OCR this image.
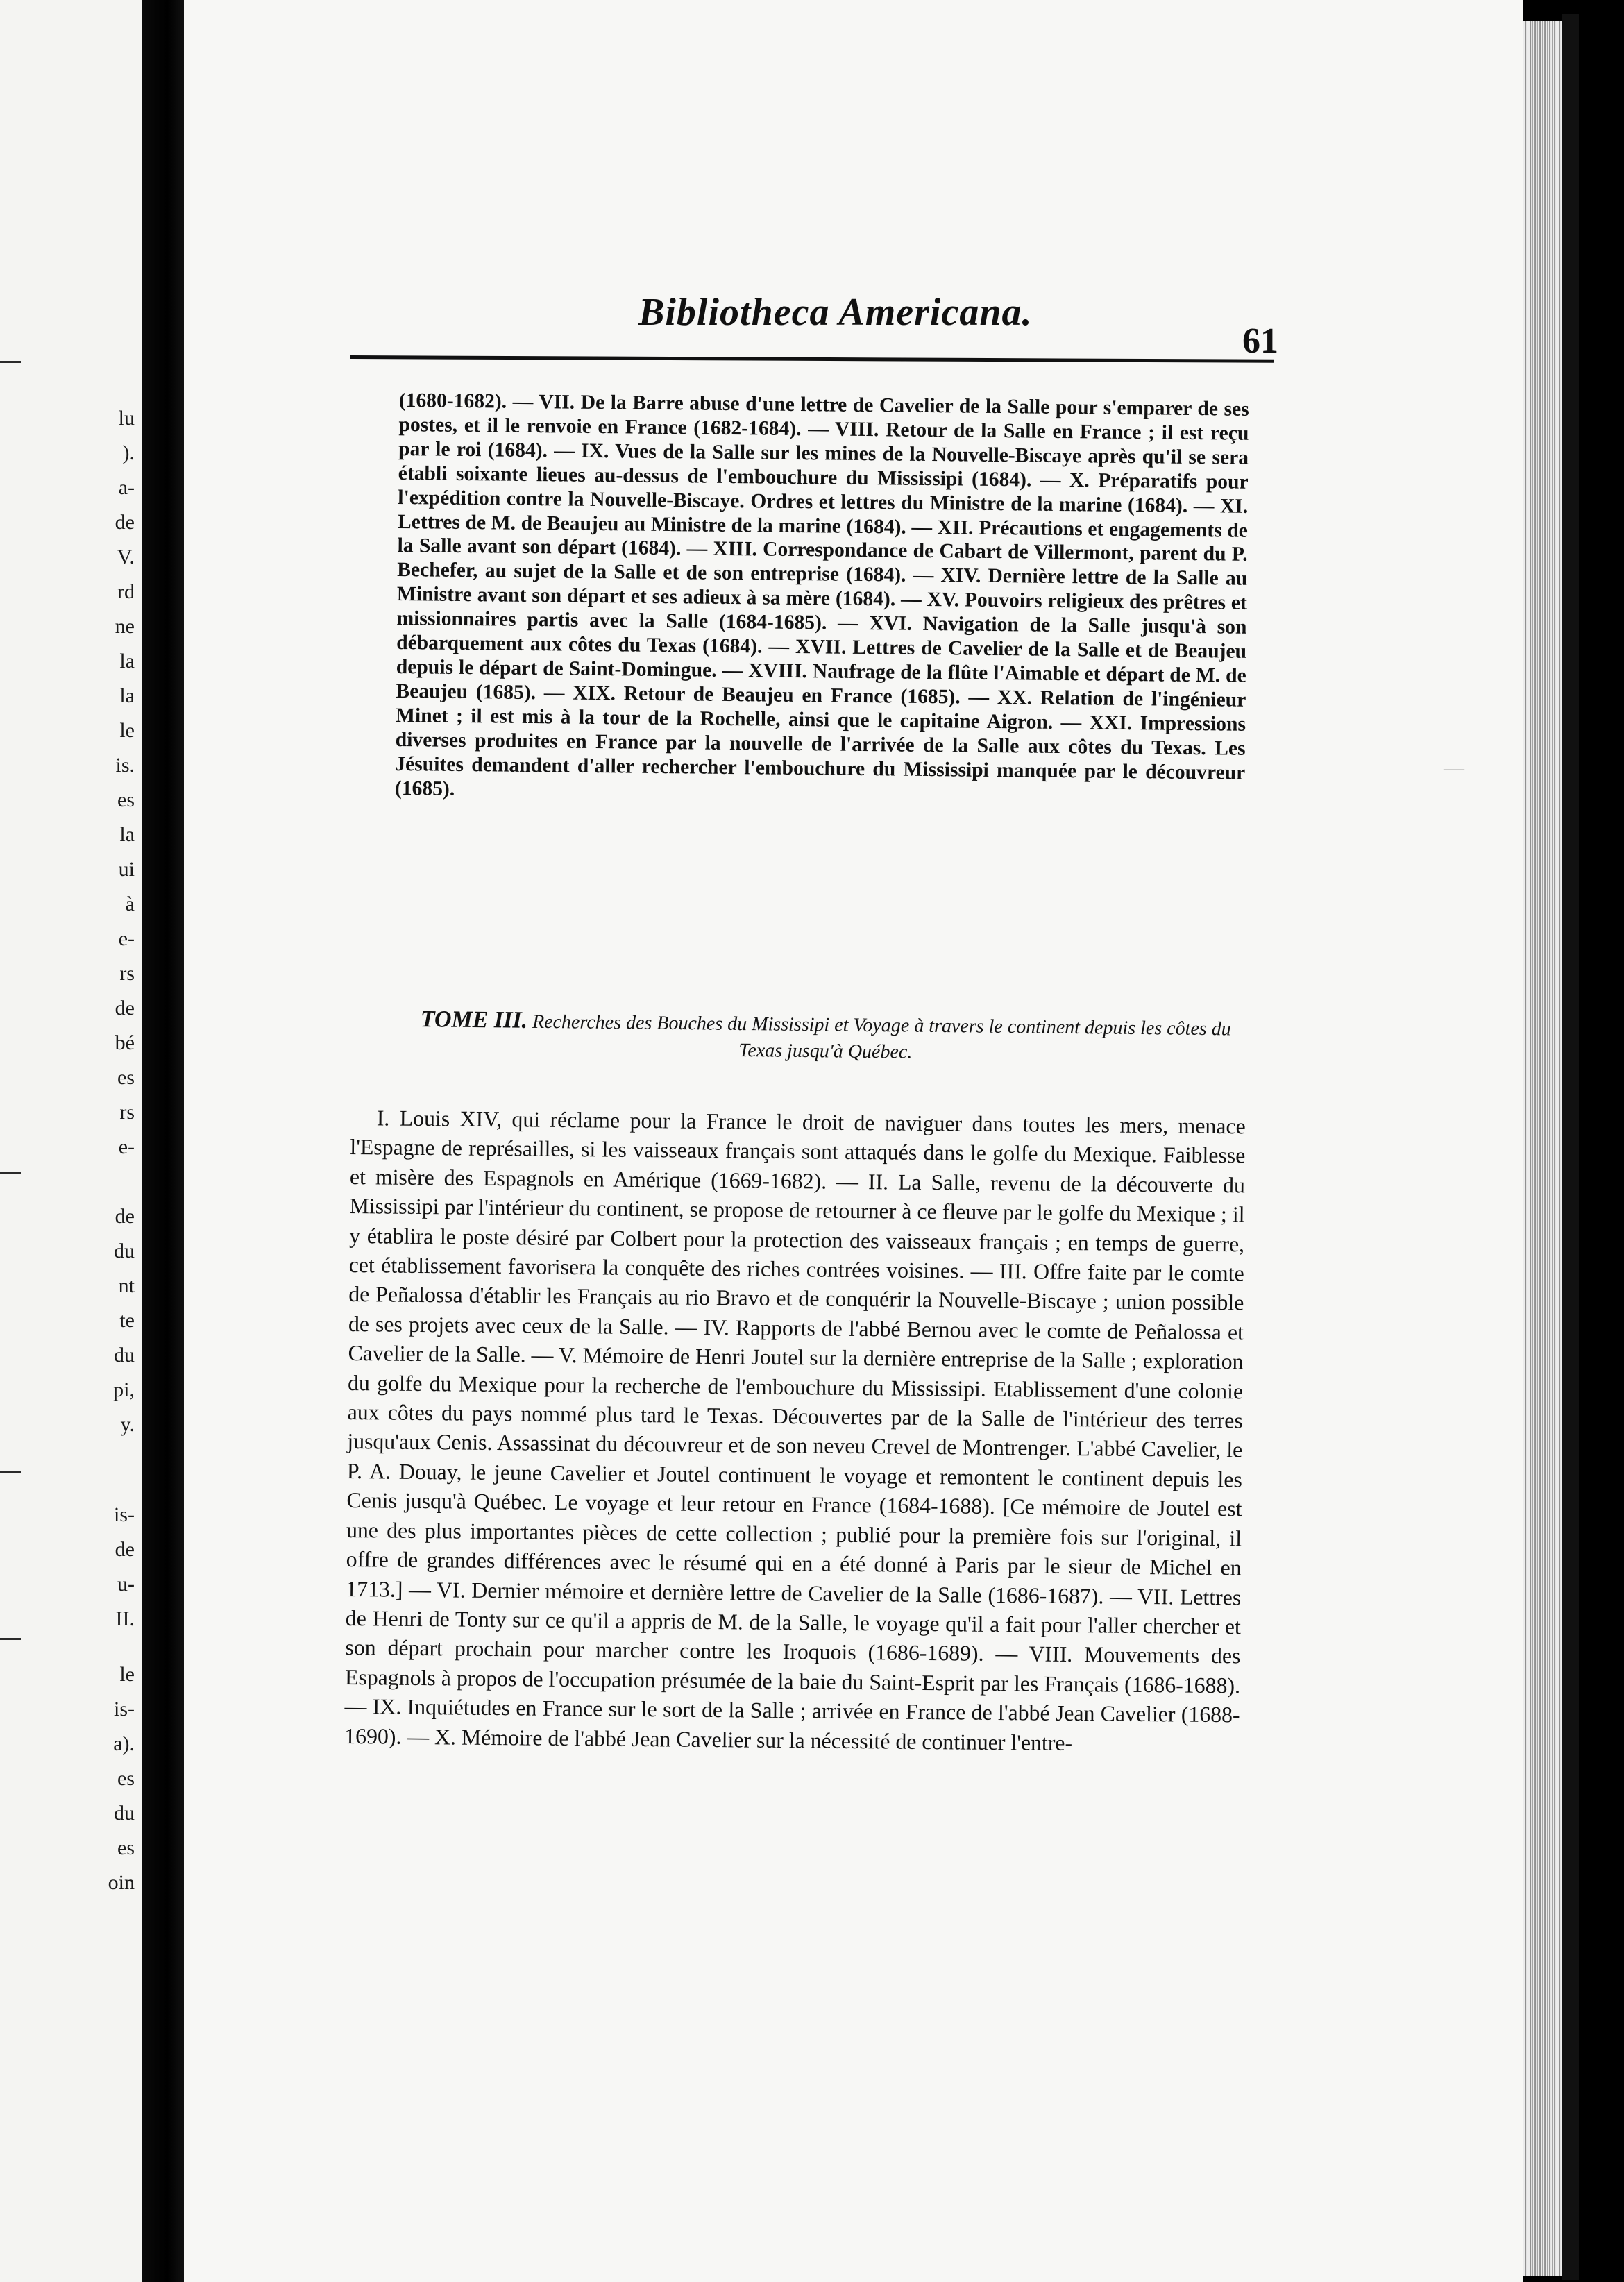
lu
).
a-
de
V.
rd
ne
la
la
le
is.
es
la
ui
à
e-
rs
de
bé
es
rs
e-
de
du
nt
te
du
pi,
y.
is-
de
u-
II.
le
is-
a).
es
du
es
oin
—
Bibliotheca Americana.
61
(1680-1682). — VII. De la Barre abuse d'une lettre de Cavelier de la Salle pour s'emparer de ses postes, et il le renvoie en France (1682-1684). — VIII. Retour de la Salle en France ; il est reçu par le roi (1684). — IX. Vues de la Salle sur les mines de la Nouvelle-Biscaye après qu'il se sera établi soixante lieues au-dessus de l'embouchure du Mississipi (1684). — X. Préparatifs pour l'expédition contre la Nouvelle-Biscaye. Ordres et lettres du Ministre de la marine (1684). — XI. Lettres de M. de Beaujeu au Ministre de la marine (1684). — XII. Précautions et engagements de la Salle avant son départ (1684). — XIII. Correspondance de Cabart de Villermont, parent du P. Bechefer, au sujet de la Salle et de son entreprise (1684). — XIV. Dernière lettre de la Salle au Ministre avant son départ et ses adieux à sa mère (1684). — XV. Pouvoirs religieux des prêtres et missionnaires partis avec la Salle (1684-1685). — XVI. Navigation de la Salle jusqu'à son débarquement aux côtes du Texas (1684). — XVII. Lettres de Cavelier de la Salle et de Beaujeu depuis le départ de Saint-Domingue. — XVIII. Naufrage de la flûte l'Aimable et départ de M. de Beaujeu (1685). — XIX. Retour de Beaujeu en France (1685). — XX. Relation de l'ingénieur Minet ; il est mis à la tour de la Rochelle, ainsi que le capitaine Aigron. — XXI. Impressions diverses produites en France par la nouvelle de l'arrivée de la Salle aux côtes du Texas. Les Jésuites demandent d'aller rechercher l'embouchure du Mississipi manquée par le découvreur (1685).
TOME III. Recherches des Bouches du Mississipi et Voyage à travers le continent depuis les côtes du Texas jusqu'à Québec.
I. Louis XIV, qui réclame pour la France le droit de naviguer dans toutes les mers, menace l'Espagne de représailles, si les vaisseaux français sont attaqués dans le golfe du Mexique. Faiblesse et misère des Espagnols en Amérique (1669-1682). — II. La Salle, revenu de la découverte du Mississipi par l'intérieur du continent, se propose de retourner à ce fleuve par le golfe du Mexique ; il y établira le poste désiré par Colbert pour la protection des vaisseaux français ; en temps de guerre, cet établissement favorisera la conquête des riches contrées voisines. — III. Offre faite par le comte de Peñalossa d'établir les Français au rio Bravo et de conquérir la Nouvelle-Biscaye ; union possible de ses projets avec ceux de la Salle. — IV. Rapports de l'abbé Bernou avec le comte de Peñalossa et Cavelier de la Salle. — V. Mémoire de Henri Joutel sur la dernière entreprise de la Salle ; exploration du golfe du Mexique pour la recherche de l'embouchure du Mississipi. Etablissement d'une colonie aux côtes du pays nommé plus tard le Texas. Découvertes par de la Salle de l'intérieur des terres jusqu'aux Cenis. Assassinat du découvreur et de son neveu Crevel de Montrenger. L'abbé Cavelier, le P. A. Douay, le jeune Cavelier et Joutel continuent le voyage et remontent le continent depuis les Cenis jusqu'à Québec. Le voyage et leur retour en France (1684-1688). [Ce mémoire de Joutel est une des plus importantes pièces de cette collection ; publié pour la première fois sur l'original, il offre de grandes différences avec le résumé qui en a été donné à Paris par le sieur de Michel en 1713.] — VI. Dernier mémoire et dernière lettre de Cavelier de la Salle (1686-1687). — VII. Lettres de Henri de Tonty sur ce qu'il a appris de M. de la Salle, le voyage qu'il a fait pour l'aller chercher et son départ prochain pour marcher contre les Iroquois (1686-1689). — VIII. Mouvements des Espagnols à propos de l'occupation présumée de la baie du Saint-Esprit par les Français (1686-1688). — IX. Inquiétudes en France sur le sort de la Salle ; arrivée en France de l'abbé Jean Cavelier (1688-1690). — X. Mémoire de l'abbé Jean Cavelier sur la nécessité de continuer l'entre-
